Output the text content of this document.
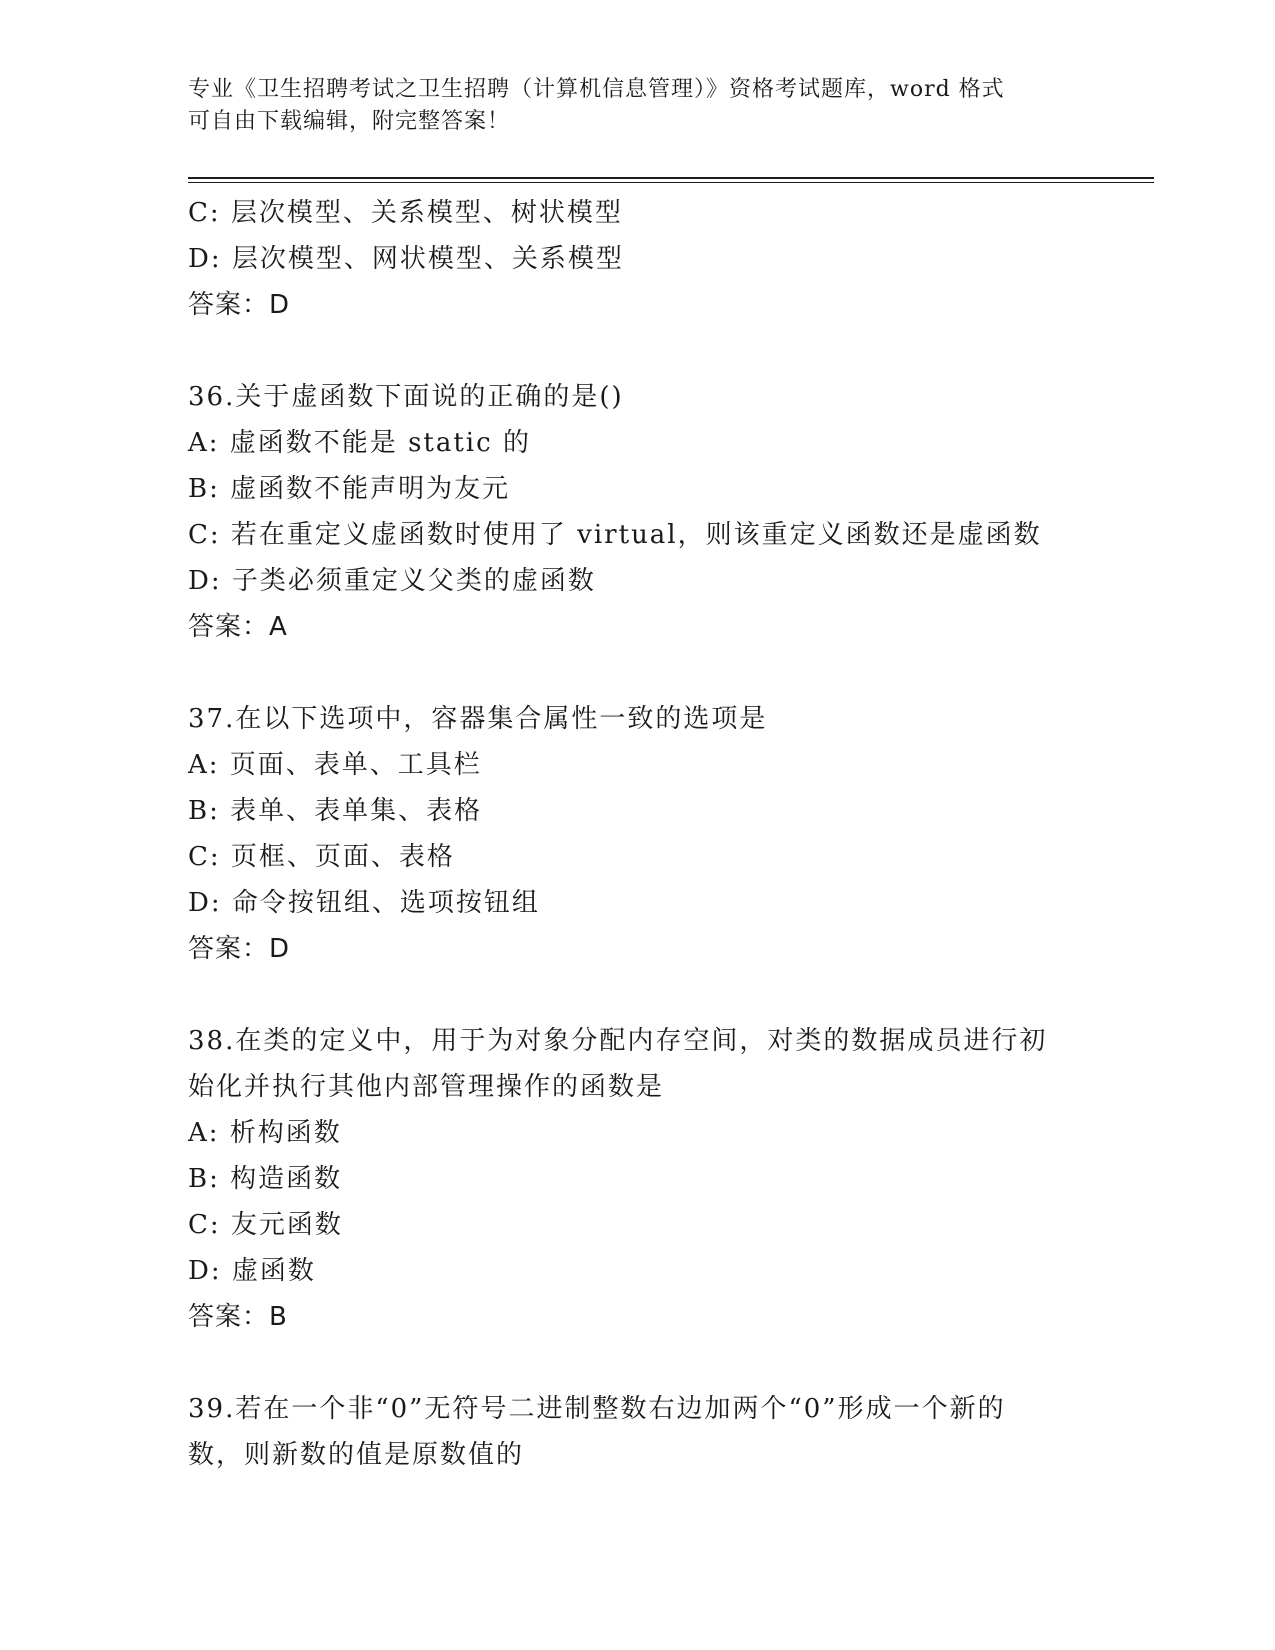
专业《卫生招聘考试之卫生招聘（计算机信息管理）》资格考试题库，word 格式
可自由下载编辑，附完整答案！
C: 层次模型、关系模型、树状模型
D: 层次模型、网状模型、关系模型
答案：D
36.关于虚函数下面说的正确的是()
A: 虚函数不能是 static 的
B: 虚函数不能声明为友元
C: 若在重定义虚函数时使用了 virtual，则该重定义函数还是虚函数
D: 子类必须重定义父类的虚函数
答案：A
37.在以下选项中，容器集合属性一致的选项是
A: 页面、表单、工具栏
B: 表单、表单集、表格
C: 页框、页面、表格
D: 命令按钮组、选项按钮组
答案：D
38.在类的定义中，用于为对象分配内存空间，对类的数据成员进行初
始化并执行其他内部管理操作的函数是
A: 析构函数
B: 构造函数
C: 友元函数
D: 虚函数
答案：B
39.若在一个非“0”无符号二进制整数右边加两个“0”形成一个新的
数，则新数的值是原数值的
